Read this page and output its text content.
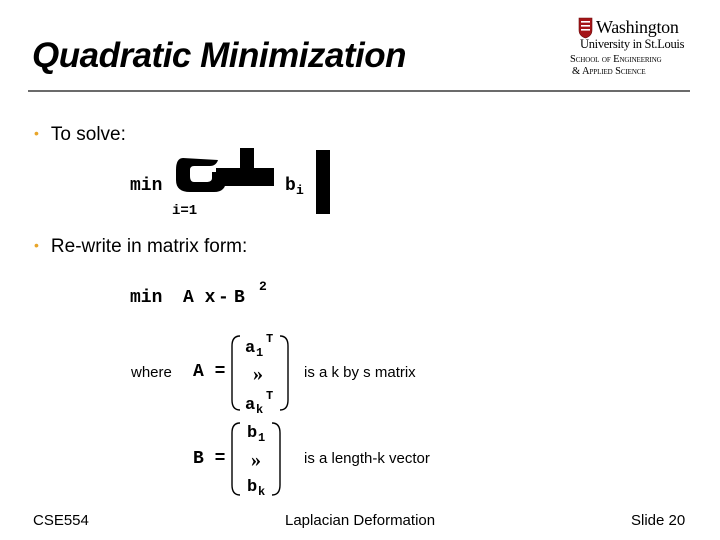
Quadratic Minimization
Washington
University in St.Louis
School of Engineering
& Applied Science
• To solve:
min
i=1
b i
min A x - B
2
A =
a 1
T
»
a k
T
B =
b 1
»
b k
• Re-write in matrix form:
where	is a k by s matrix
is a length-k vector
CSE554	Laplacian Deformation	Slide 20
